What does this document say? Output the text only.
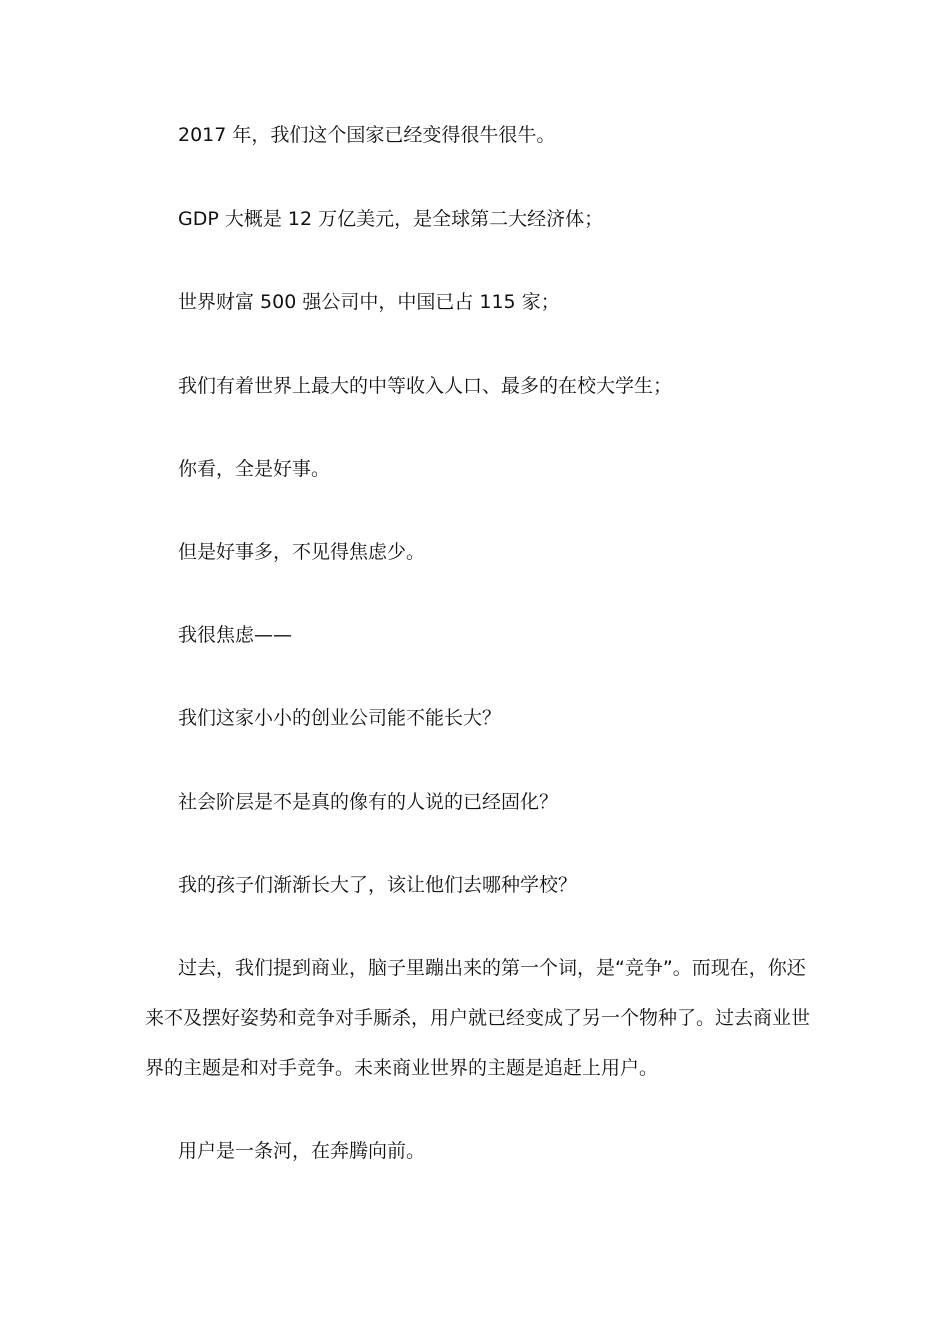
2017 年，我们这个国家已经变得很牛很牛。

GDP 大概是 12 万亿美元，是全球第二大经济体；

世界财富 500 强公司中，中国已占 115 家；

我们有着世界上最大的中等收入人口、最多的在校大学生；

你看，全是好事。

但是好事多，不见得焦虑少。

我很焦虑——

我们这家小小的创业公司能不能长大？

社会阶层是不是真的像有的人说的已经固化？

我的孩子们渐渐长大了，该让他们去哪种学校？

过去，我们提到商业，脑子里蹦出来的第一个词，是“竞争”。而现在，你还来不及摆好姿势和竞争对手厮杀，用户就已经变成了另一个物种了。过去商业世界的主题是和对手竞争。未来商业世界的主题是追赶上用户。

用户是一条河，在奔腾向前。
